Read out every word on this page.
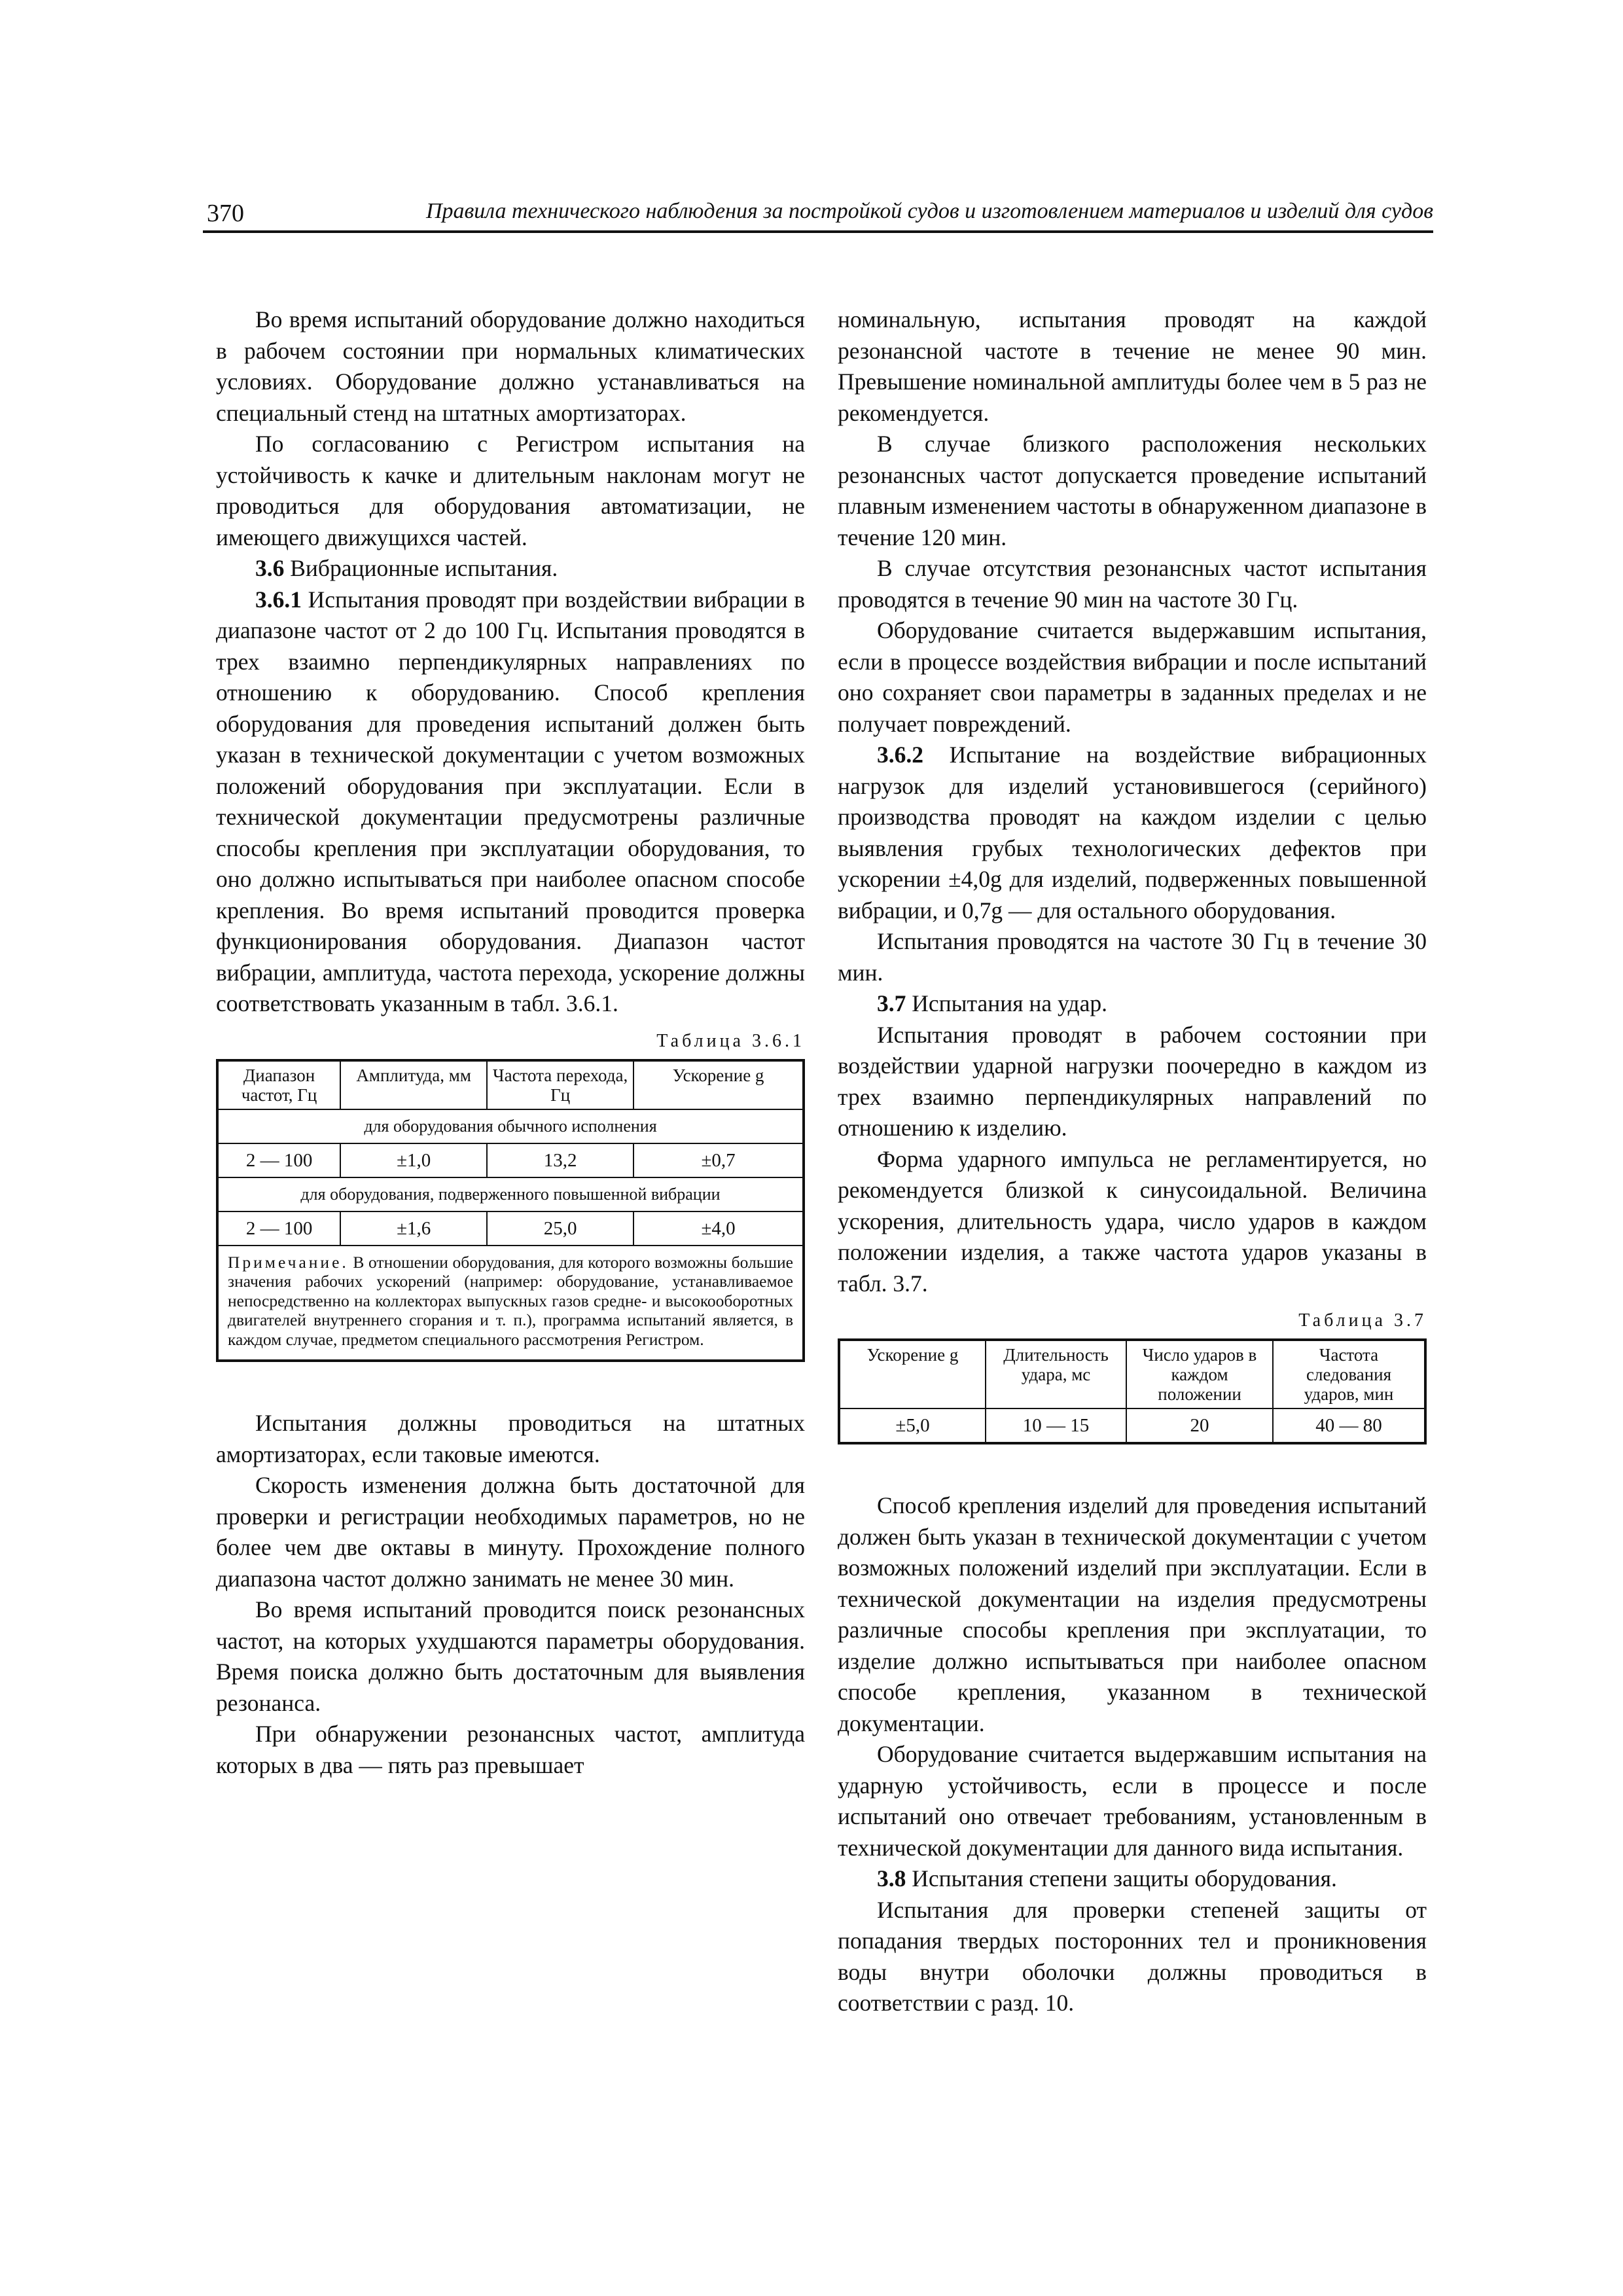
370	Правила технического наблюдения за постройкой судов и изготовлением материалов и изделий для судов

Во время испытаний оборудование должно находиться в рабочем состоянии при нормальных климатических условиях. Оборудование должно устанавливаться на специальный стенд на штатных амортизаторах.

По согласованию с Регистром испытания на устойчивость к качке и длительным наклонам могут не проводиться для оборудования автоматизации, не имеющего движущихся частей.

3.6 Вибрационные испытания.

3.6.1 Испытания проводят при воздействии вибрации в диапазоне частот от 2 до 100 Гц. Испытания проводятся в трех взаимно перпендикулярных направлениях по отношению к оборудованию. Способ крепления оборудования для проведения испытаний должен быть указан в технической документации с учетом возможных положений оборудования при эксплуатации. Если в технической документации предусмотрены различные способы крепления при эксплуатации оборудования, то оно должно испытываться при наиболее опасном способе крепления. Во время испытаний проводится проверка функционирования оборудования. Диапазон частот вибрации, амплитуда, частота перехода, ускорение должны соответствовать указанным в табл. 3.6.1.

Таблица 3.6.1
Диапазон частот, Гц	Амплитуда, мм	Частота перехода, Гц	Ускорение g
для оборудования обычного исполнения			
2 — 100	±1,0	13,2	±0,7
для оборудования, подверженного повышенной вибрации			
2 — 100	±1,6	25,0	±4,0
Примечание. В отношении оборудования, для которого возможны большие значения рабочих ускорений (например: оборудование, устанавливаемое непосредственно на коллекторах выпускных газов средне- и высокооборотных двигателей внутреннего сгорания и т. п.), программа испытаний является, в каждом случае, предметом специального рассмотрения Регистром.			

Испытания должны проводиться на штатных амортизаторах, если таковые имеются.

Скорость изменения должна быть достаточной для проверки и регистрации необходимых параметров, но не более чем две октавы в минуту. Прохождение полного диапазона частот должно занимать не менее 30 мин.

Во время испытаний проводится поиск резонансных частот, на которых ухудшаются параметры оборудования. Время поиска должно быть достаточным для выявления резонанса.

При обнаружении резонансных частот, амплитуда которых в два — пять раз превышает

номинальную, испытания проводят на каждой резонансной частоте в течение не менее 90 мин. Превышение номинальной амплитуды более чем в 5 раз не рекомендуется.

В случае близкого расположения нескольких резонансных частот допускается проведение испытаний плавным изменением частоты в обнаруженном диапазоне в течение 120 мин.

В случае отсутствия резонансных частот испытания проводятся в течение 90 мин на частоте 30 Гц.

Оборудование считается выдержавшим испытания, если в процессе воздействия вибрации и после испытаний оно сохраняет свои параметры в заданных пределах и не получает повреждений.

3.6.2 Испытание на воздействие вибрационных нагрузок для изделий установившегося (серийного) производства проводят на каждом изделии с целью выявления грубых технологических дефектов при ускорении ±4,0g для изделий, подверженных повышенной вибрации, и 0,7g — для остального оборудования.

Испытания проводятся на частоте 30 Гц в течение 30 мин.

3.7 Испытания на удар.

Испытания проводят в рабочем состоянии при воздействии ударной нагрузки поочередно в каждом из трех взаимно перпендикулярных направлений по отношению к изделию.

Форма ударного импульса не регламентируется, но рекомендуется близкой к синусоидальной. Величина ускорения, длительность удара, число ударов в каждом положении изделия, а также частота ударов указаны в табл. 3.7.

Таблица 3.7
Ускорение g	Длительность удара, мс	Число ударов в каждом положении	Частота следования ударов, мин
±5,0	10 — 15	20	40 — 80

Способ крепления изделий для проведения испытаний должен быть указан в технической документации с учетом возможных положений изделий при эксплуатации. Если в технической документации на изделия предусмотрены различные способы крепления при эксплуатации, то изделие должно испытываться при наиболее опасном способе крепления, указанном в технической документации.

Оборудование считается выдержавшим испытания на ударную устойчивость, если в процессе и после испытаний оно отвечает требованиям, установленным в технической документации для данного вида испытания.

3.8 Испытания степени защиты оборудования.

Испытания для проверки степеней защиты от попадания твердых посторонних тел и проникновения воды внутри оболочки должны проводиться в соответствии с разд. 10.
